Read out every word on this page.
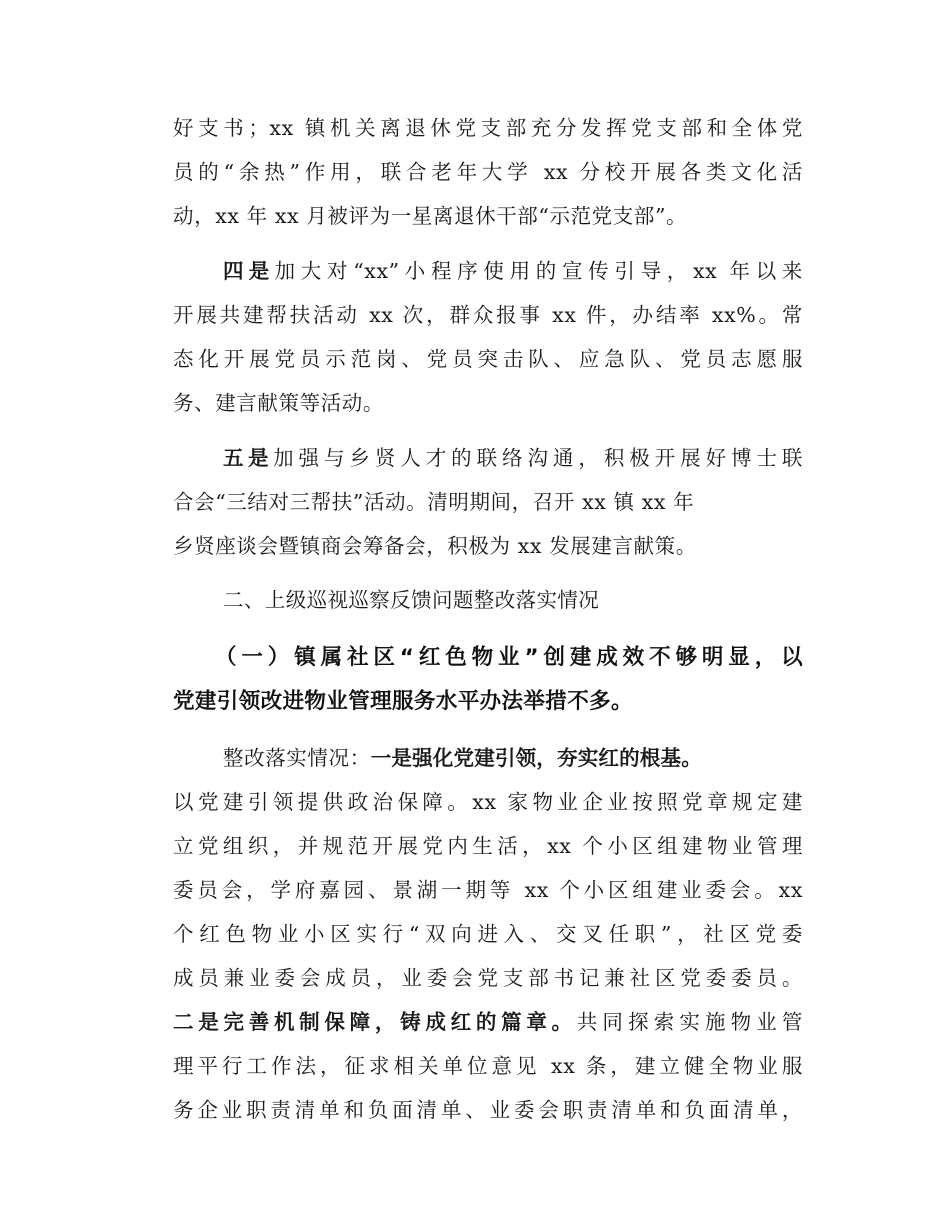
好支书；xx 镇机关离退休党支部充分发挥党支部和全体党
员的“余热”作用，联合老年大学 xx 分校开展各类文化活
动，xx 年 xx 月被评为一星离退休干部“示范党支部”。
四是加大对“xx”小程序使用的宣传引导，xx 年以来
开展共建帮扶活动 xx 次，群众报事 xx 件，办结率 xx%。常
态化开展党员示范岗、党员突击队、应急队、党员志愿服
务、建言献策等活动。
五是加强与乡贤人才的联络沟通，积极开展好博士联
合会“三结对三帮扶”活动。清明期间，召开 xx 镇 xx 年
乡贤座谈会暨镇商会筹备会，积极为 xx 发展建言献策。
二、上级巡视巡察反馈问题整改落实情况
（一）镇属社区“红色物业”创建成效不够明显，以
党建引领改进物业管理服务水平办法举措不多。
整改落实情况：一是强化党建引领，夯实红的根基。
以党建引领提供政治保障。xx 家物业企业按照党章规定建
立党组织，并规范开展党内生活，xx 个小区组建物业管理
委员会，学府嘉园、景湖一期等 xx 个小区组建业委会。xx
个红色物业小区实行“双向进入、交叉任职”，社区党委
成员兼业委会成员，业委会党支部书记兼社区党委委员。
二是完善机制保障，铸成红的篇章。共同探索实施物业管
理平行工作法，征求相关单位意见 xx 条，建立健全物业服
务企业职责清单和负面清单、业委会职责清单和负面清单，
